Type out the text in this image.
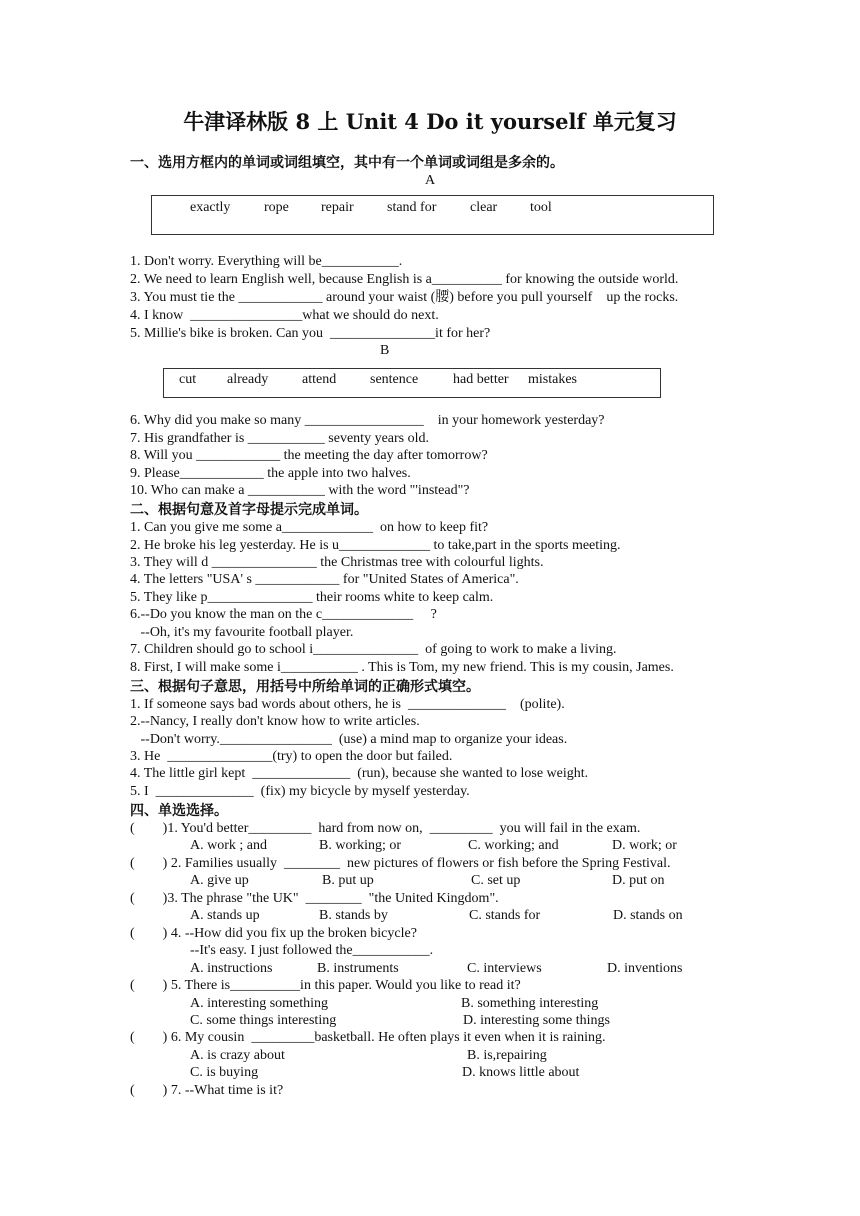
牛津译林版 8 上 Unit 4 Do it yourself 单元复习
一、选用方框内的单词或词组填空，其中有一个单词或词组是多余的。
A
exactly rope repair stand for clear tool
1. Don't worry. Everything will be___________.
2. We need to learn English well, because English is a__________ for knowing the outside world.
3. You must tie the ____________ around your waist (腰) before you pull yourself    up the rocks.
4. I know  ________________what we should do next.
5. Millie's bike is broken. Can you  _______________it for her?
B
cut already attend sentence had better mistakes
6. Why did you make so many _________________    in your homework yesterday?
7. His grandfather is ___________ seventy years old.
8. Will you ____________ the meeting the day after tomorrow?
9. Please____________ the apple into two halves.
10. Who can make a ___________ with the word "'instead"?
二、根据句意及首字母提示完成单词。
1. Can you give me some a_____________  on how to keep fit?
2. He broke his leg yesterday. He is u_____________ to take,part in the sports meeting.
3. They will d _______________ the Christmas tree with colourful lights.
4. The letters "USA' s ____________ for "United States of America".
5. They like p_______________ their rooms white to keep calm.
6.--Do you know the man on the c_____________     ?
--Oh, it's my favourite football player.
7. Children should go to school i_______________  of going to work to make a living.
8. First, I will make some i___________ . This is Tom, my new friend. This is my cousin, James.
三、根据句子意思，用括号中所给单词的正确形式填空。
1. If someone says bad words about others, he is  ______________    (polite).
2.--Nancy, I really don't know how to write articles.
--Don't worry.________________  (use) a mind map to organize your ideas.
3. He  _______________(try) to open the door but failed.
4. The little girl kept  ______________  (run), because she wanted to lose weight.
5. I  ______________  (fix) my bicycle by myself yesterday.
四、单选选择。
(        )1. You'd better_________  hard from now on,  _________  you will fail in the exam.
A. work ; and	B. working; or	C. working; and	D. work; or
(        ) 2. Families usually  ________  new pictures of flowers or fish before the Spring Festival.
A. give up	B. put up	C. set up	D. put on
(        )3. The phrase "the UK"  ________  "the United Kingdom".
A. stands up	B. stands by	C. stands for	D. stands on
(        ) 4. --How did you fix up the broken bicycle?
--It's easy. I just followed the___________.
A. instructions	B. instruments	C. interviews	D. inventions
(        ) 5. There is__________in this paper. Would you like to read it?
A. interesting something	B. something interesting
C. some things interesting	D. interesting some things
(        ) 6. My cousin  _________basketball. He often plays it even when it is raining.
A. is crazy about	B. is,repairing
C. is buying	D. knows little about
(        ) 7. --What time is it?
